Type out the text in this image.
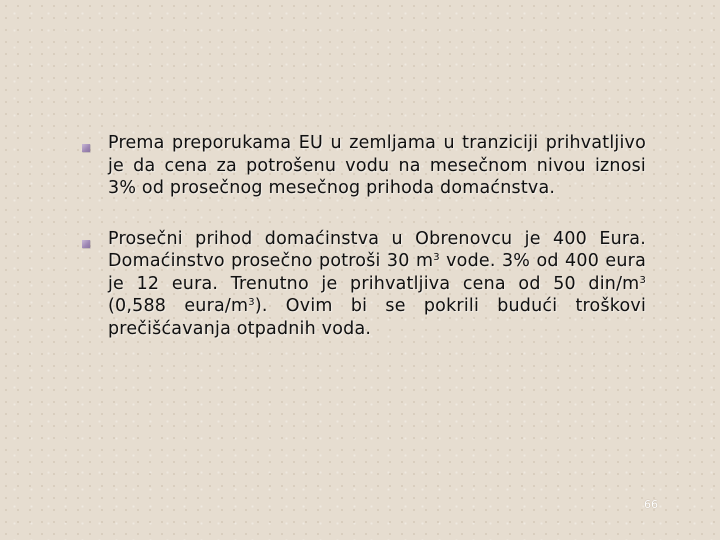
Prema preporukama EU u zemljama u tranziciji prihvatljivo je da cena za potrošenu vodu na mesečnom nivou iznosi 3% od prosečnog mesečnog prihoda domaćnstva.
Prosečni prihod domaćinstva u Obrenovcu je 400 Eura. Domaćinstvo prosečno potroši 30 $m^3$ vode. 3% od 400 eura je 12 eura. Trenutno je prihvatljiva cena od 50 din/$m^3$ (0,588 eura/$m^3$). Ovim bi se pokrili budući troškovi prečišćavanja otpadnih voda.
66
